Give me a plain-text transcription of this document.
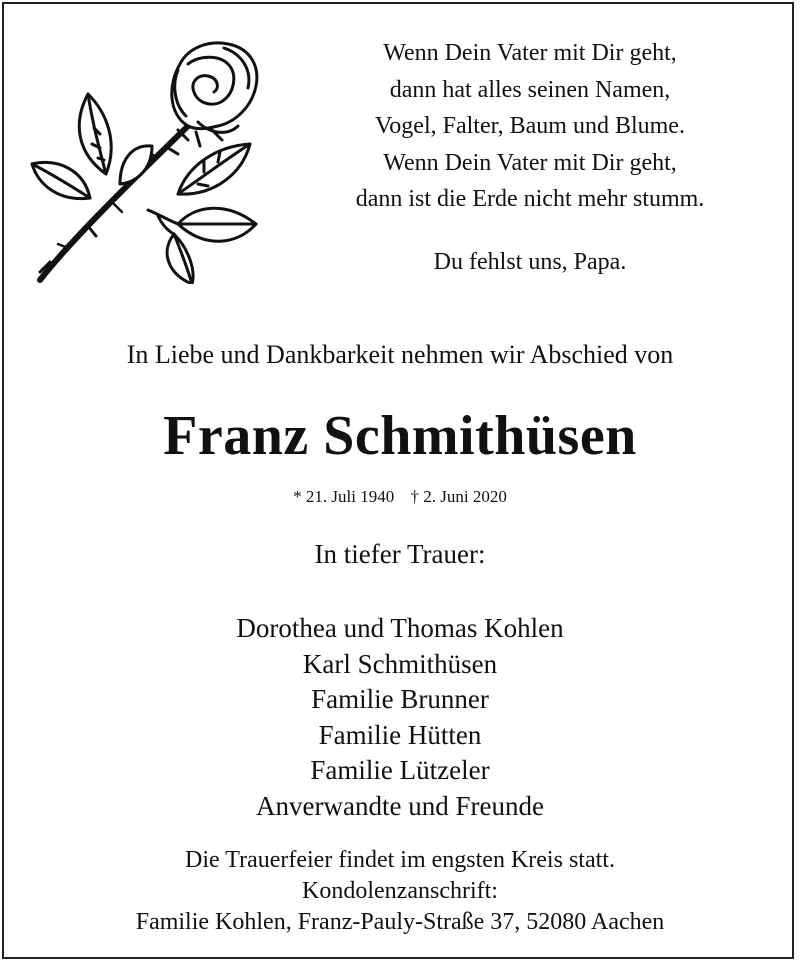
Wenn Dein Vater mit Dir geht,
dann hat alles seinen Namen,
Vogel, Falter, Baum und Blume.
Wenn Dein Vater mit Dir geht,
dann ist die Erde nicht mehr stumm.
Du fehlst uns, Papa.
In Liebe und Dankbarkeit nehmen wir Abschied von
Franz Schmithüsen
* 21. Juli 1940 † 2. Juni 2020
In tiefer Trauer:
Dorothea und Thomas Kohlen
Karl Schmithüsen
Familie Brunner
Familie Hütten
Familie Lützeler
Anverwandte und Freunde
Die Trauerfeier findet im engsten Kreis statt.
Kondolenzanschrift:
Familie Kohlen, Franz-Pauly-Straße 37, 52080 Aachen
